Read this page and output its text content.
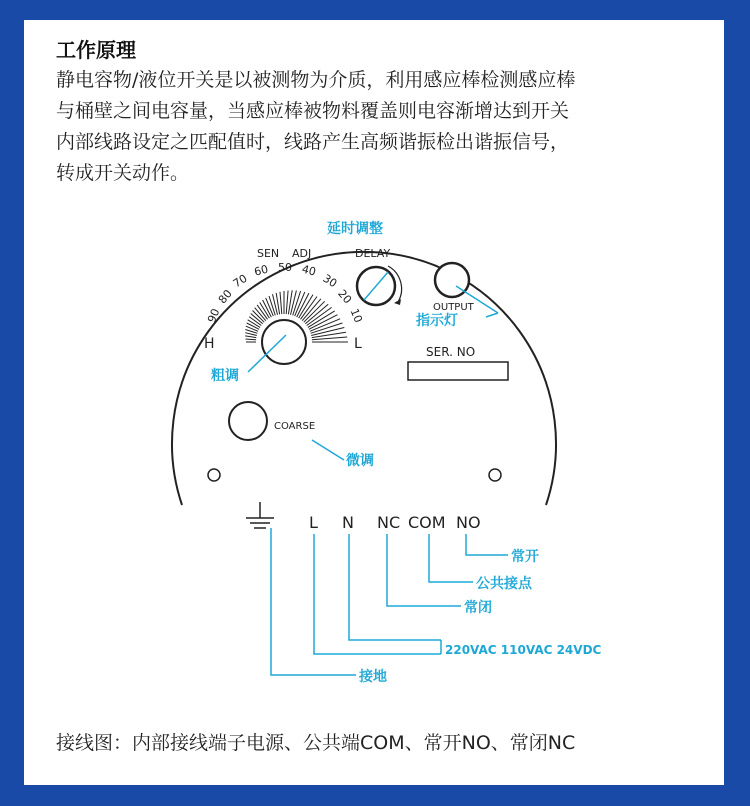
工作原理
静电容物/液位开关是以被测物为介质，利用感应棒检测感应棒
与桶壁之间电容量，当感应棒被物料覆盖则电容渐增达到开关
内部线路设定之匹配值时，线路产生高频谐振检出谐振信号，
转成开关动作。
90
80
70
60 50 40
30
20
10
SEN ADJ
H	L
粗调
DELAY
延时调整
OUTPUT
指示灯
SER. NO
COARSE
微调
L N NC COM NO
常开
公共接点
常闭
220VAC 110VAC 24VDC
接地
接线图：内部接线端子电源、公共端COM、常开NO、常闭NC
